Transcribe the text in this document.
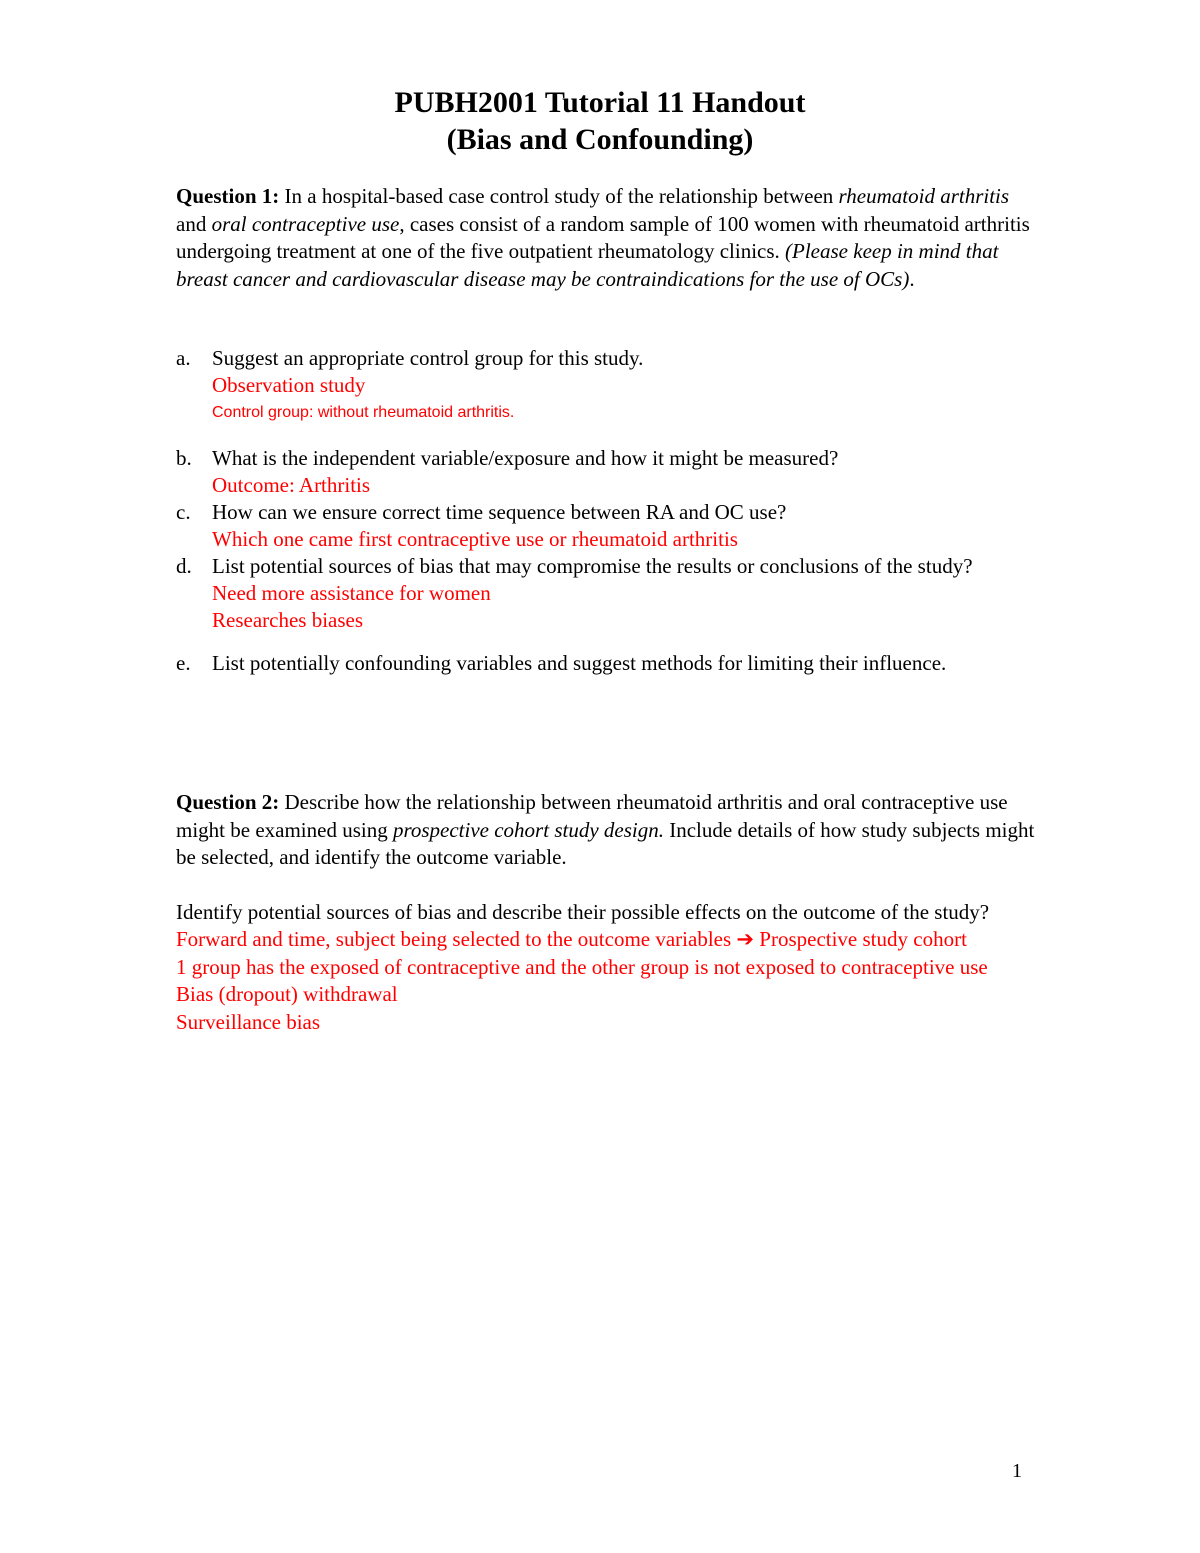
PUBH2001 Tutorial 11 Handout
(Bias and Confounding)

Question 1: In a hospital-based case control study of the relationship between rheumatoid arthritis and oral contraceptive use, cases consist of a random sample of 100 women with rheumatoid arthritis undergoing treatment at one of the five outpatient rheumatology clinics. (Please keep in mind that breast cancer and cardiovascular disease may be contraindications for the use of OCs).

a. Suggest an appropriate control group for this study.
Observation study
Control group: without rheumatoid arthritis.
b. What is the independent variable/exposure and how it might be measured?
Outcome: Arthritis
c. How can we ensure correct time sequence between RA and OC use?
Which one came first contraceptive use or rheumatoid arthritis
d. List potential sources of bias that may compromise the results or conclusions of the study?
Need more assistance for women
Researches biases
e. List potentially confounding variables and suggest methods for limiting their influence.

Question 2: Describe how the relationship between rheumatoid arthritis and oral contraceptive use might be examined using prospective cohort study design. Include details of how study subjects might be selected, and identify the outcome variable.

Identify potential sources of bias and describe their possible effects on the outcome of the study?

Forward and time, subject being selected to the outcome variables ➔ Prospective study cohort

1 group has the exposed of contraceptive and the other group is not exposed to contraceptive use

Bias (dropout) withdrawal

Surveillance bias

1
